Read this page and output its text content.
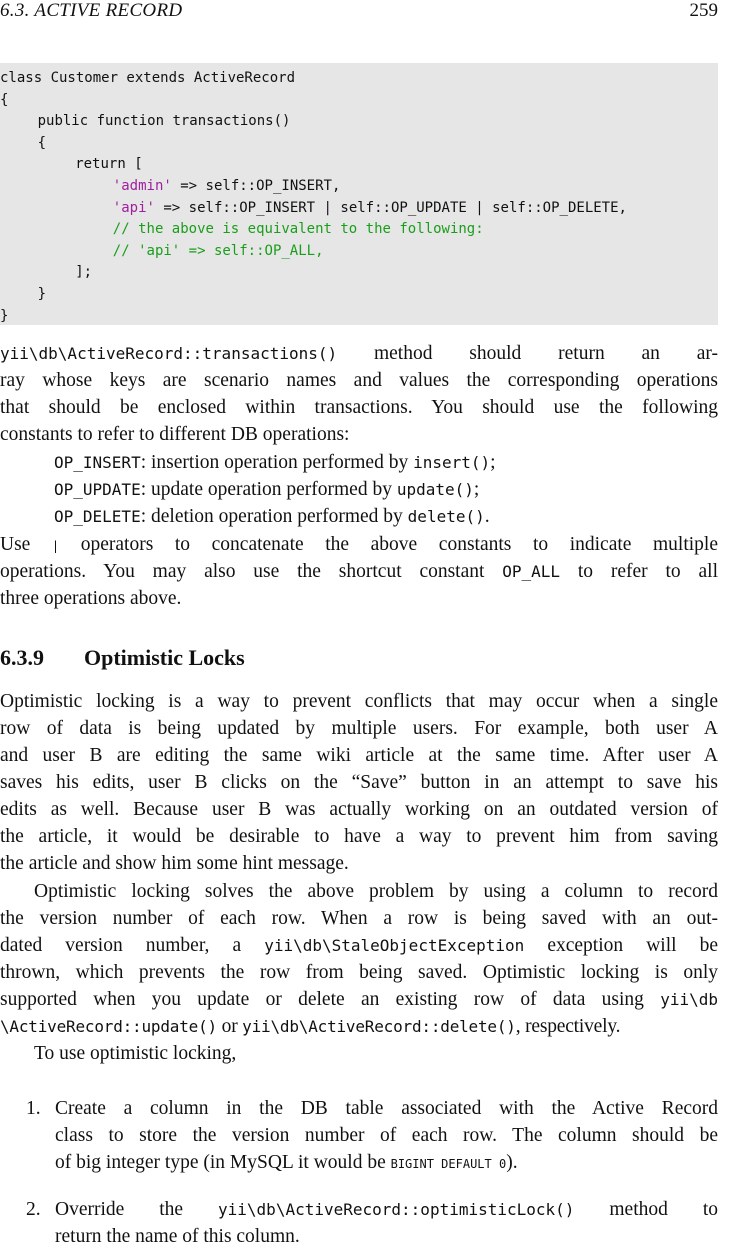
6.3. ACTIVE RECORD	259
class Customer extends ActiveRecord
{
public function transactions()
{
return [
'admin' => self::OP_INSERT,
'api' => self::OP_INSERT | self::OP_UPDATE | self::OP_DELETE,
// the above is equivalent to the following:
// 'api' => self::OP_ALL,
];
}
}
yii\db\ActiveRecord::transactions() method should return an ar-
ray whose keys are scenario names and values the corresponding operations
that should be enclosed within transactions. You should use the following
constants to refer to different DB operations:
OP_INSERT: insertion operation performed by insert();
OP_UPDATE: update operation performed by update();
OP_DELETE: deletion operation performed by delete().
Use | operators to concatenate the above constants to indicate multiple
operations. You may also use the shortcut constant OP_ALL to refer to all
three operations above.
6.3.9 Optimistic Locks
Optimistic locking is a way to prevent conflicts that may occur when a single
row of data is being updated by multiple users. For example, both user A
and user B are editing the same wiki article at the same time. After user A
saves his edits, user B clicks on the “Save” button in an attempt to save his
edits as well. Because user B was actually working on an outdated version of
the article, it would be desirable to have a way to prevent him from saving
the article and show him some hint message.
Optimistic locking solves the above problem by using a column to record
the version number of each row. When a row is being saved with an out-
dated version number, a yii\db\StaleObjectException exception will be
thrown, which prevents the row from being saved. Optimistic locking is only
supported when you update or delete an existing row of data using yii\db
\ActiveRecord::update() or yii\db\ActiveRecord::delete(), respectively.
To use optimistic locking,
1. Create a column in the DB table associated with the Active Record
class to store the version number of each row. The column should be
of big integer type (in MySQL it would be BIGINT DEFAULT 0).
2. Override the yii\db\ActiveRecord::optimisticLock() method to
return the name of this column.
